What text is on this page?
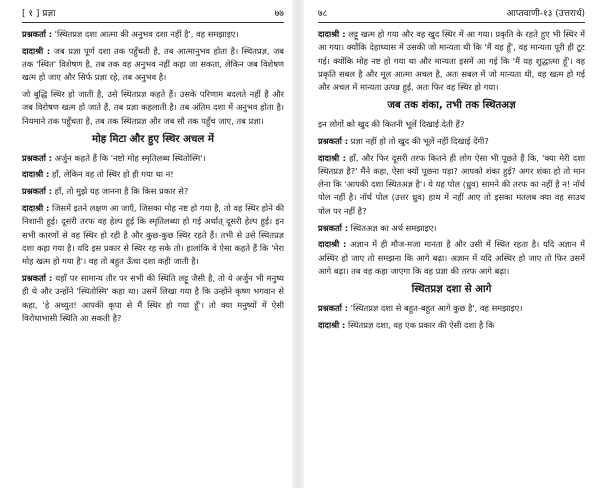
[ १ ] प्रज्ञा	७७

प्रश्नकर्ता : 'स्थितप्रज्ञ दशा आत्मा की अनुभव दशा नहीं है', वह समझाइए।

दादाश्री : जब प्रज्ञा पूर्ण दशा तक पहुँचती है, तब आत्मानुभव होता है। स्थितप्रज्ञ, जब तक 'स्थित' विशेषण है, तब तक वह अनुभव नहीं कहा जा सकता, लेकिन जब विशेषण खत्म हो जाए और सिर्फ प्रज्ञा रहे, तब अनुभव है।

जो बुद्धि स्थिर हो जाती है, उसे स्थितप्रज्ञ कहते हैं। उसके परिणाम बदलते नहीं हैं और जब विरोषण खत्म हो जाते हैं, तब प्रज्ञा कहलाती है। तब अंतिम दशा में अनुभव होता है। नियमाने तक पहुँचता है, तब तक स्थितप्रज्ञ और जब सौ तक पहुँच जाए, तब प्रज्ञा।

मोह मिटा और हुए स्थिर अचल में

प्रश्नकर्ता : अर्जुन कहते हैं कि 'नष्टो मोह स्मृतिलब्ध स्थितोस्मि'।

दादाश्री : हाँ, लेकिन वह तो स्थिर हो ही गया था न!

प्रश्नकर्ता : हाँ, तो मुझे यह जानना है कि किस प्रकार से?

दादाश्री : जिसमें इतने लक्षण आ जाएँ, जिसका मोह नष्ट हो गया है, तो वह स्थिर होने की निशानी हुई। दूसरी तरफ वह हेल्प हुई कि स्मृतिलब्धा हो गई अर्थात् दूसरी हेल्प हुई। इन सभी कारणों से वह स्थिर हो रही है और कुछ-कुछ स्थिर रहते हैं। तभी से उसे स्थितप्रज्ञ दशा कहा गया है। यदि इस प्रकार से स्थिर रह सके तो। हालांकि वे ऐसा कहते हैं कि 'मेरा मोह खत्म हो गया है'। वह तो बहुत ऊँचा दशा कही जाती है।

प्रश्नकर्ता : यहाँ पर सामान्य तौर पर सभी की स्थिति लट्टू जैसी है, तो ये अर्जुन भी मनुष्य ही थे और उन्होंने 'स्थितोस्मि' कहा था। उसमें लिखा गया है कि उन्होंने कृष्ण भगवान से कहा, 'हे अच्युत! आपकी कृपा से मैं स्थिर हो गया हूँ'। तो क्या मनुष्यों में ऐसी विरोधाभासी स्थिति आ सकती है?

७८	आप्तवाणी-१३ (उत्तरार्ध)

दादाश्री : लट्टू खत्म हो गया और वह खुद स्थिर में आ गया। प्रकृति के रहते हुए भी स्थिर में आ गया। क्योंकि देहाध्यास में उसकी जो मान्यता थी कि 'मैं यह हूँ', वह मान्यता पूरी ही टूट गई। क्योंकि मोह नष्ट हो गया था और मान्यता इसमें आ गई कि 'मैं यह शुद्धात्मा हूँ'। वह प्रकृति सबल है और मूल आत्मा अचल है, अतः सबल में जो मान्यता थी, वह खत्म हो गई और अचल में मान्यता उत्पन्न हुई, अतः फिर वह स्थिर हो गया।

जब तक शंका, तभी तक स्थितअज्ञ

इन लोगों को खुद की कितनी भूलें दिखाई देती हैं?

प्रश्नकर्ता : प्रज्ञा नहीं हो तो खुद की भूलें नहीं दिखाई देंगी?

दादाश्री : हाँ, और फिर दूसरी तरफ कितने ही लोग ऐसा भी पूछते हैं कि, 'क्या मेरी दशा स्थितप्रज्ञ है?' मैंने कहा, ऐसा क्यों पूछना पड़ा? आपको शंका हुई? अगर शंका हो तो मान लेना कि 'आपकी दशा स्थितअज्ञ है'। ये यह पोल (ध्रुव) सामने की तरफ का नहीं है न! नॉर्थ पोल नहीं है। नॉर्थ पोल (उत्तर ध्रुव) हाथ में नहीं आए तो इसका मतलब क्या वह साउथ पोल पर नहीं है?

प्रश्नकर्ता : स्थितअज्ञ का अर्थ समझाइए।

दादाश्री : अज्ञान में ही मौज-मजा मानता है और उसी में स्थित रहता है। यदि अज्ञान में अस्थिर हो जाए तो समझना कि आगे बढ़ा। अज्ञान में यदि अस्थिर हो जाए तो फिर उसमें आगे बढ़ा। तब वह कहा जाएगा कि वह प्रज्ञा की तरफ आगे बढ़ा।

स्थितप्रज्ञ दशा से आगे

प्रश्नकर्ता : 'स्थितप्रज्ञ दशा से बहुत-बहुत आगे कुछ है', वह समझाइए।

दादाश्री : स्थितप्रज्ञ दशा, वह एक प्रकार की ऐसी दशा है कि
